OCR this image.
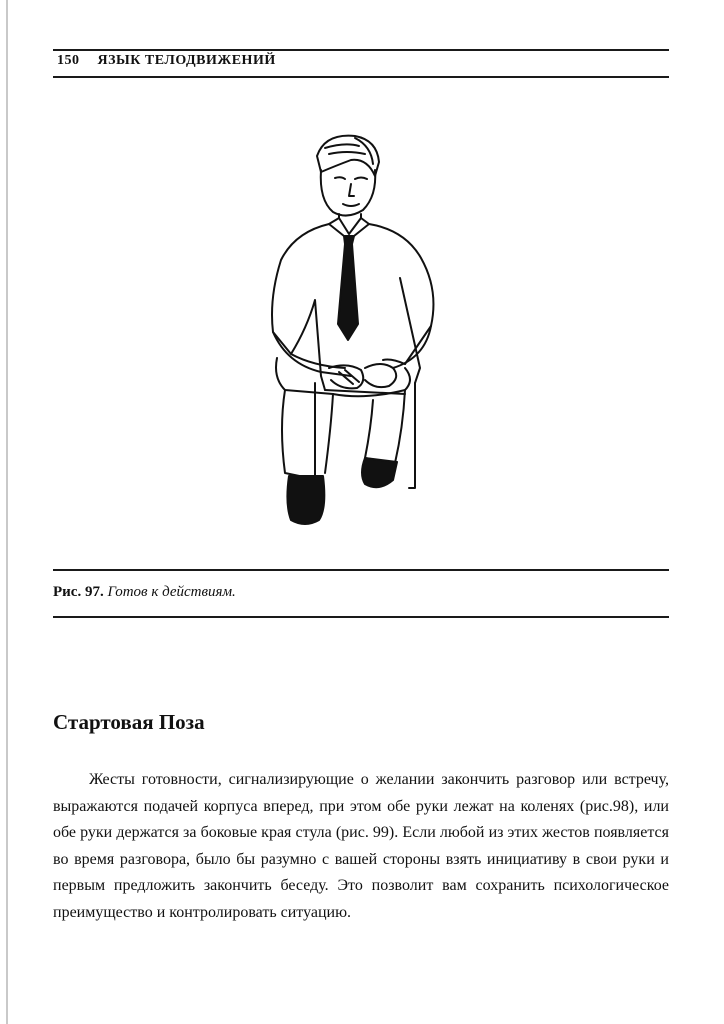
150 ЯЗЫК ТЕЛОДВИЖЕНИЙ
Рис. 97. Готов к действиям.
Стартовая Поза

Жесты готовности, сигнализирующие о желании закончить разговор или встречу, выражаются подачей корпуса вперед, при этом обе руки лежат на коленях (рис.98), или обе руки держатся за боковые края стула (рис. 99). Если любой из этих жестов появляется во время разговора, было бы разумно с вашей стороны взять инициативу в свои руки и первым предложить закончить беседу. Это позволит вам сохранить психологическое преимущество и контролировать ситуацию.
